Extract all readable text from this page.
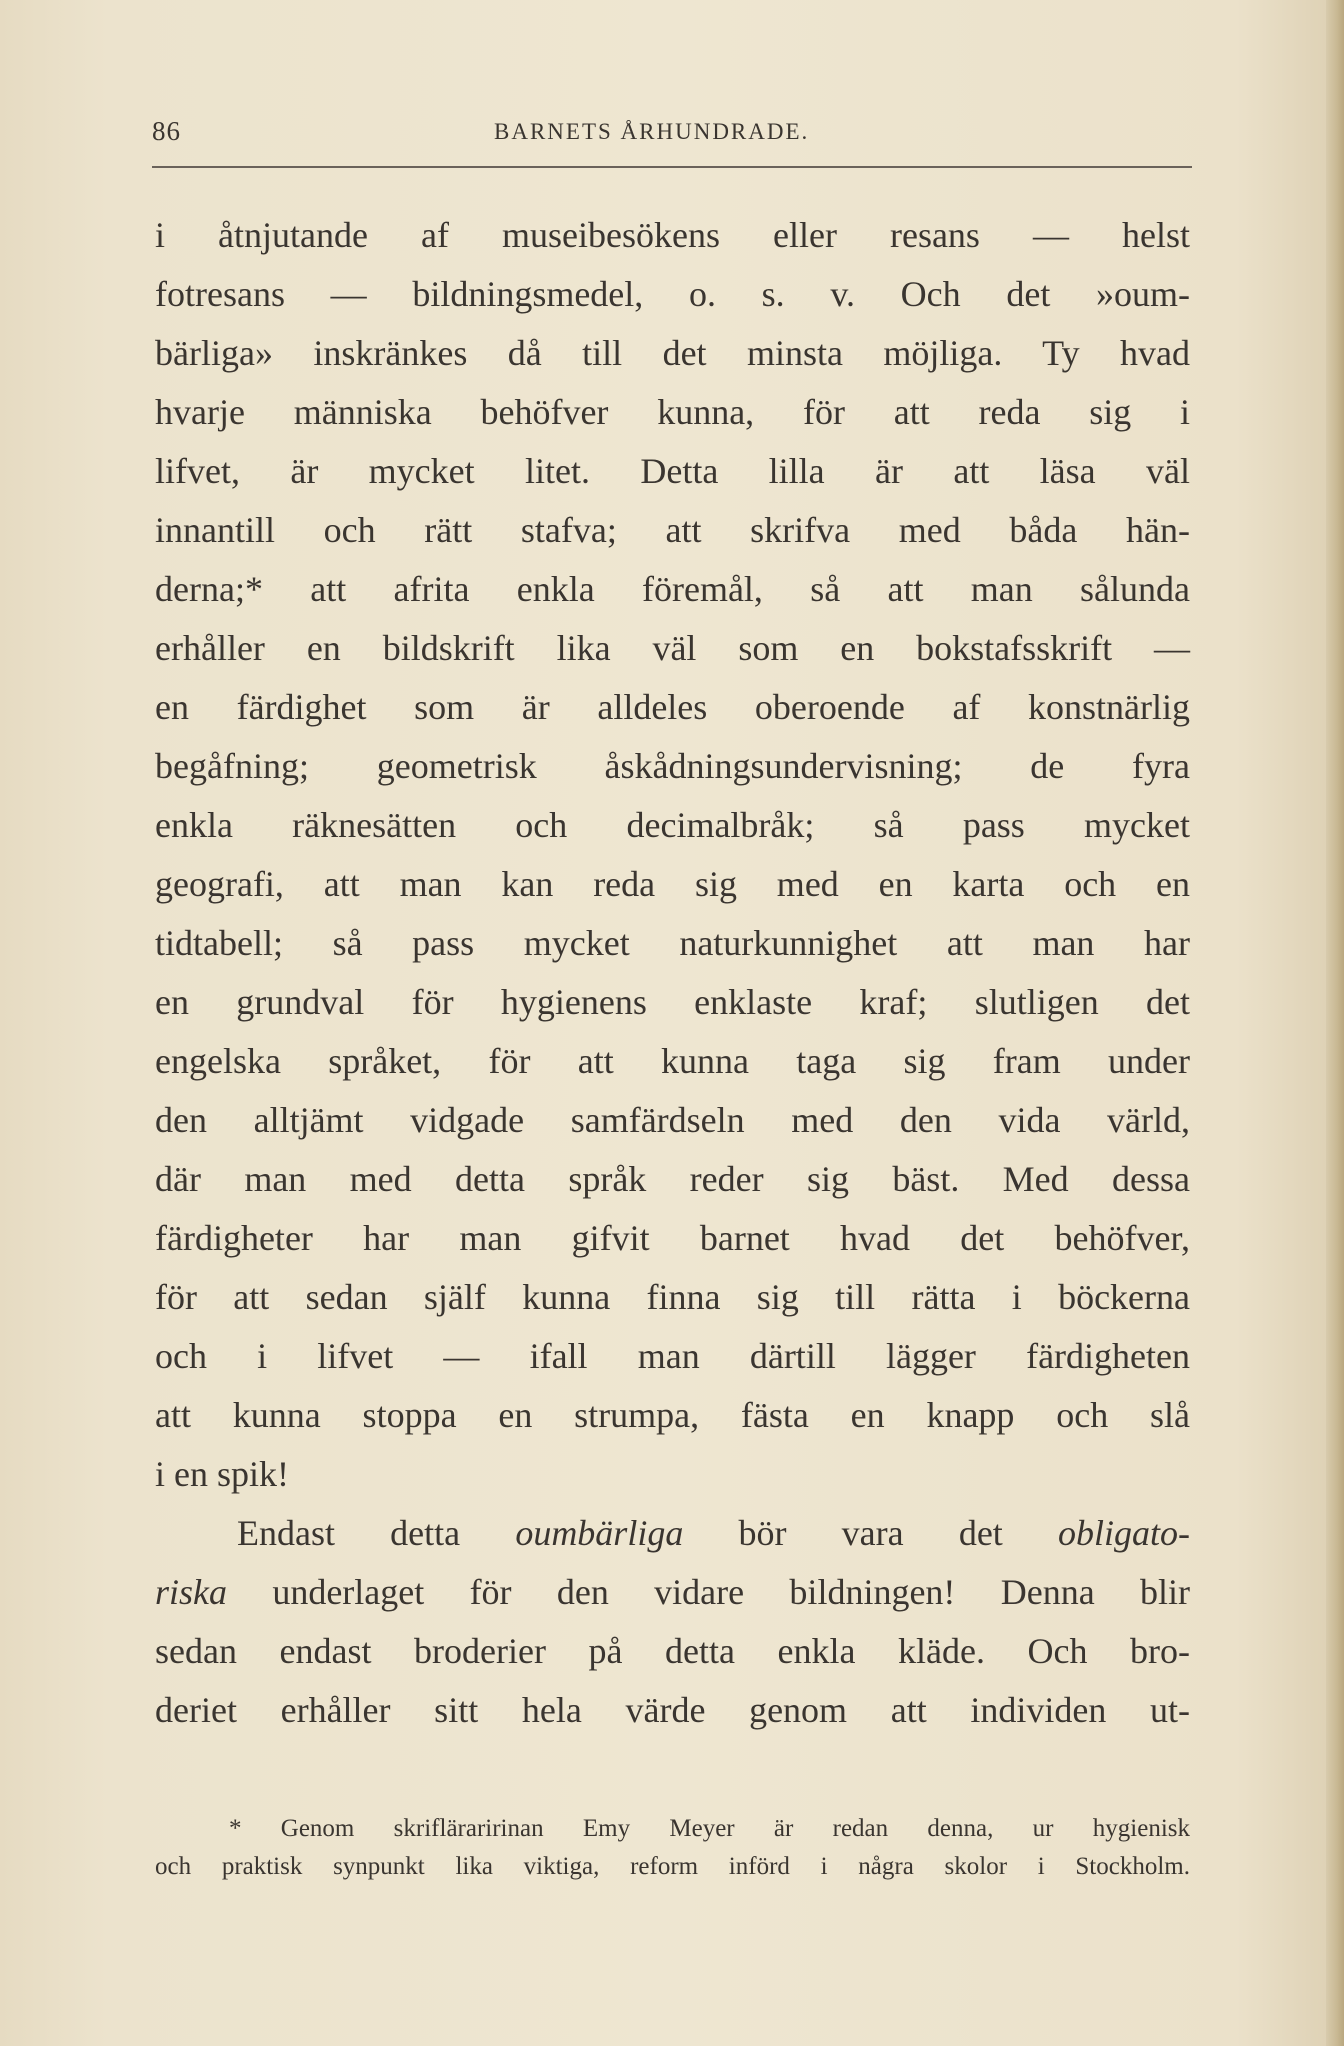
86	BARNETS ÅRHUNDRADE.
i åtnjutande af museibesökens eller resans — helst
fotresans — bildningsmedel, o. s. v. Och det »oum-
bärliga» inskränkes då till det minsta möjliga. Ty hvad
hvarje människa behöfver kunna, för att reda sig i
lifvet, är mycket litet. Detta lilla är att läsa väl
innantill och rätt stafva; att skrifva med båda hän-
derna;* att afrita enkla föremål, så att man sålunda
erhåller en bildskrift lika väl som en bokstafsskrift —
en färdighet som är alldeles oberoende af konstnärlig
begåfning; geometrisk åskådningsundervisning; de fyra
enkla räknesätten och decimalbråk; så pass mycket
geografi, att man kan reda sig med en karta och en
tidtabell; så pass mycket naturkunnighet att man har
en grundval för hygienens enklaste kraf; slutligen det
engelska språket, för att kunna taga sig fram under
den alltjämt vidgade samfärdseln med den vida värld,
där man med detta språk reder sig bäst. Med dessa
färdigheter har man gifvit barnet hvad det behöfver,
för att sedan själf kunna finna sig till rätta i böckerna
och i lifvet — ifall man därtill lägger färdigheten
att kunna stoppa en strumpa, fästa en knapp och slå
i en spik!
Endast detta oumbärliga bör vara det obligato-
riska underlaget för den vidare bildningen! Denna blir
sedan endast broderier på detta enkla kläde. Och bro-
deriet erhåller sitt hela värde genom att individen ut-
* Genom skrifläraririnan Emy Meyer är redan denna, ur hygienisk
och praktisk synpunkt lika viktiga, reform införd i några skolor i Stockholm.
